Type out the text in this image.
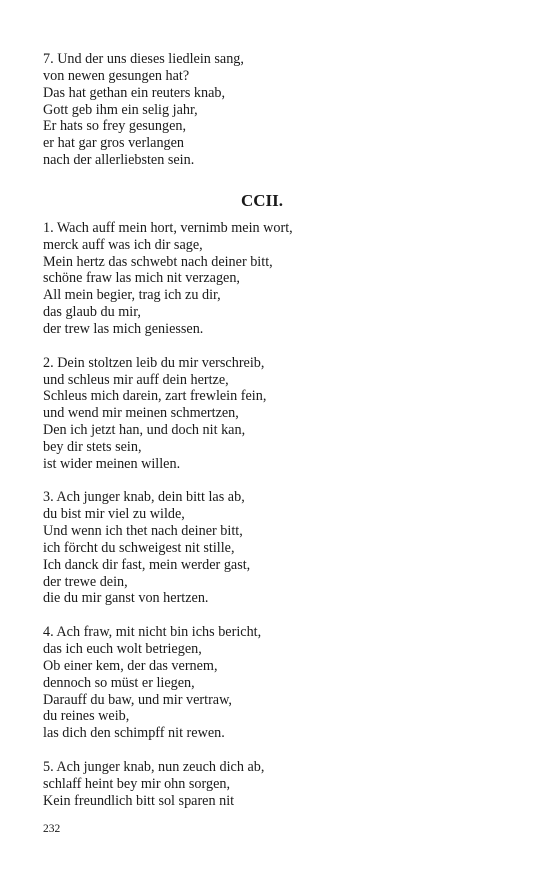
7. Und der uns dieses liedlein sang,
von newen gesungen hat?
Das hat gethan ein reuters knab,
Gott geb ihm ein selig jahr,
Er hats so frey gesungen,
er hat gar gros verlangen
nach der allerliebsten sein.
CCII.
1. Wach auff mein hort, vernimb mein wort,
merck auff was ich dir sage,
Mein hertz das schwebt nach deiner bitt,
schöne fraw las mich nit verzagen,
All mein begier, trag ich zu dir,
das glaub du mir,
der trew las mich geniessen.
2. Dein stoltzen leib du mir verschreib,
und schleus mir auff dein hertze,
Schleus mich darein, zart frewlein fein,
und wend mir meinen schmertzen,
Den ich jetzt han, und doch nit kan,
bey dir stets sein,
ist wider meinen willen.
3. Ach junger knab, dein bitt las ab,
du bist mir viel zu wilde,
Und wenn ich thet nach deiner bitt,
ich förcht du schweigest nit stille,
Ich danck dir fast, mein werder gast,
der trewe dein,
die du mir ganst von hertzen.
4. Ach fraw, mit nicht bin ichs bericht,
das ich euch wolt betriegen,
Ob einer kem, der das vernem,
dennoch so müst er liegen,
Darauff du baw, und mir vertraw,
du reines weib,
las dich den schimpff nit rewen.
5. Ach junger knab, nun zeuch dich ab,
schlaff heint bey mir ohn sorgen,
Kein freundlich bitt sol sparen nit
232
